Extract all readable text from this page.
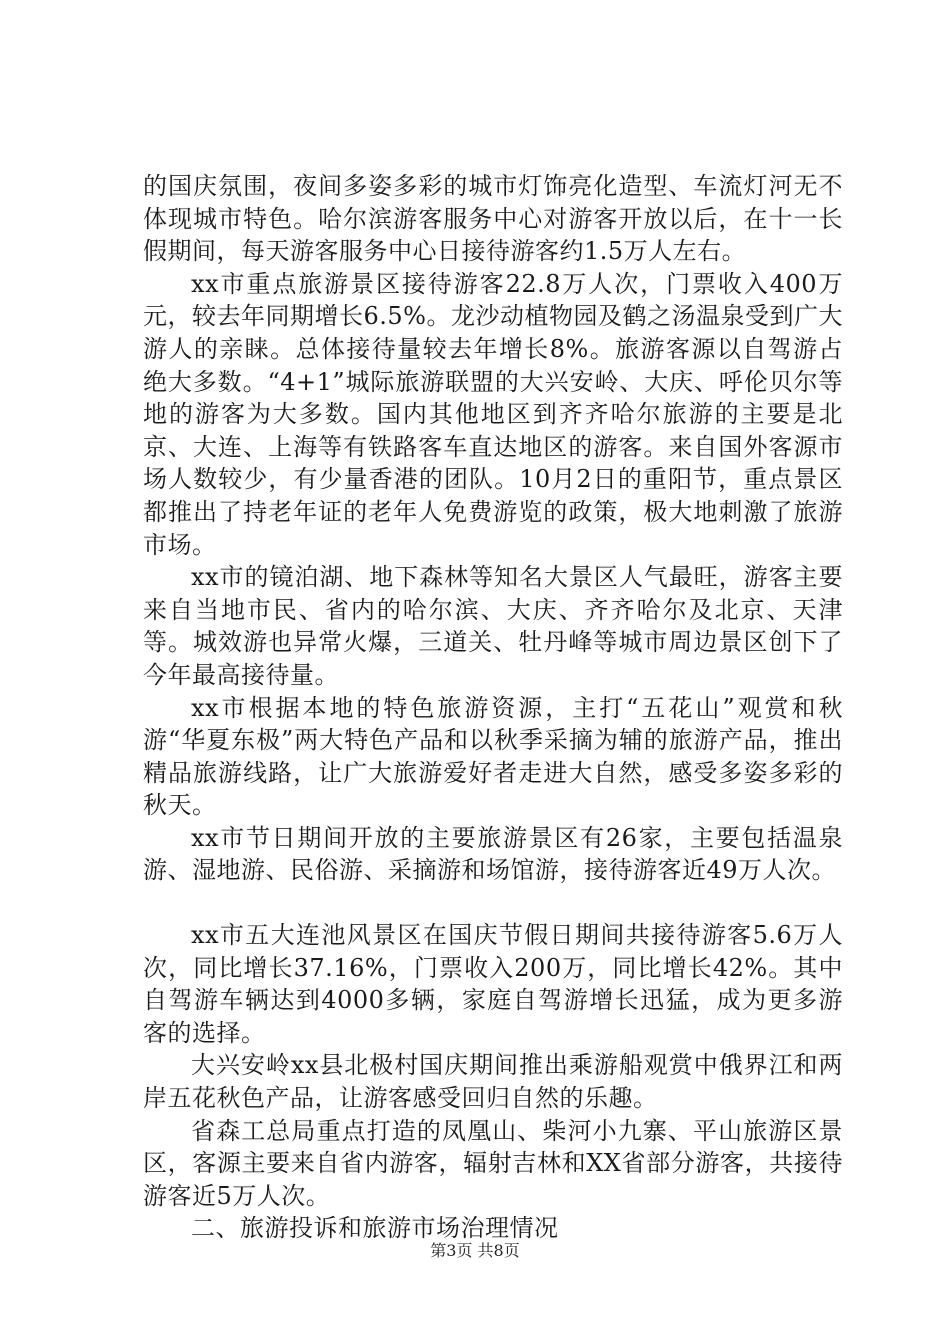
的国庆氛围，夜间多姿多彩的城市灯饰亮化造型、车流灯河无不体现城市特色。哈尔滨游客服务中心对游客开放以后，在十一长假期间，每天游客服务中心日接待游客约1.5万人左右。

xx市重点旅游景区接待游客22.8万人次，门票收入400万元，较去年同期增长6.5%。龙沙动植物园及鹤之汤温泉受到广大游人的亲睐。总体接待量较去年增长8%。旅游客源以自驾游占绝大多数。“4+1”城际旅游联盟的大兴安岭、大庆、呼伦贝尔等地的游客为大多数。国内其他地区到齐齐哈尔旅游的主要是北京、大连、上海等有铁路客车直达地区的游客。来自国外客源市场人数较少，有少量香港的团队。10月2日的重阳节，重点景区都推出了持老年证的老年人免费游览的政策，极大地刺激了旅游市场。

xx市的镜泊湖、地下森林等知名大景区人气最旺，游客主要来自当地市民、省内的哈尔滨、大庆、齐齐哈尔及北京、天津等。城效游也异常火爆，三道关、牡丹峰等城市周边景区创下了今年最高接待量。

xx市根据本地的特色旅游资源，主打“五花山”观赏和秋游“华夏东极”两大特色产品和以秋季采摘为辅的旅游产品，推出精品旅游线路，让广大旅游爱好者走进大自然，感受多姿多彩的秋天。

xx市节日期间开放的主要旅游景区有26家，主要包括温泉游、湿地游、民俗游、采摘游和场馆游，接待游客近49万人次。

xx市五大连池风景区在国庆节假日期间共接待游客5.6万人次，同比增长37.16%，门票收入200万，同比增长42%。其中自驾游车辆达到4000多辆，家庭自驾游增长迅猛，成为更多游客的选择。

大兴安岭xx县北极村国庆期间推出乘游船观赏中俄界江和两岸五花秋色产品，让游客感受回归自然的乐趣。

省森工总局重点打造的凤凰山、柴河小九寨、平山旅游区景区，客源主要来自省内游客，辐射吉林和XX省部分游客，共接待游客近5万人次。

二、旅游投诉和旅游市场治理情况

第3页 共8页
